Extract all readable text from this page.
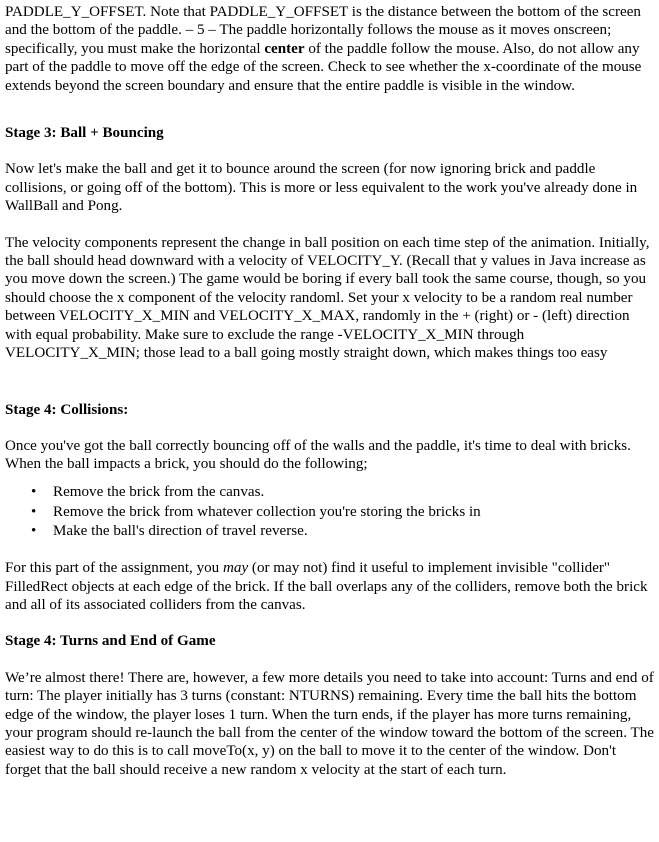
PADDLE_Y_OFFSET. Note that PADDLE_Y_OFFSET is the distance between the bottom of the screen and the bottom of the paddle. – 5 – The paddle horizontally follows the mouse as it moves onscreen; specifically, you must make the horizontal center of the paddle follow the mouse. Also, do not allow any part of the paddle to move off the edge of the screen. Check to see whether the x-coordinate of the mouse extends beyond the screen boundary and ensure that the entire paddle is visible in the window.

Stage 3: Ball + Bouncing

Now let's make the ball and get it to bounce around the screen (for now ignoring brick and paddle collisions, or going off of the bottom). This is more or less equivalent to the work you've already done in WallBall and Pong.

The velocity components represent the change in ball position on each time step of the animation. Initially, the ball should head downward with a velocity of VELOCITY_Y. (Recall that y values in Java increase as you move down the screen.) The game would be boring if every ball took the same course, though, so you should choose the x component of the velocity randoml. Set your x velocity to be a random real number between VELOCITY_X_MIN and VELOCITY_X_MAX, randomly in the + (right) or - (left) direction with equal probability. Make sure to exclude the range -VELOCITY_X_MIN through VELOCITY_X_MIN; those lead to a ball going mostly straight down, which makes things too easy

Stage 4: Collisions:

Once you've got the ball correctly bouncing off of the walls and the paddle, it's time to deal with bricks. When the ball impacts a brick, you should do the following;

• Remove the brick from the canvas.
• Remove the brick from whatever collection you're storing the bricks in
• Make the ball's direction of travel reverse.

For this part of the assignment, you may (or may not) find it useful to implement invisible "collider" FilledRect objects at each edge of the brick. If the ball overlaps any of the colliders, remove both the brick and all of its associated colliders from the canvas.

Stage 4: Turns and End of Game

We’re almost there! There are, however, a few more details you need to take into account: Turns and end of turn: The player initially has 3 turns (constant: NTURNS) remaining. Every time the ball hits the bottom edge of the window, the player loses 1 turn. When the turn ends, if the player has more turns remaining, your program should re-launch the ball from the center of the window toward the bottom of the screen. The easiest way to do this is to call moveTo(x, y) on the ball to move it to the center of the window. Don't forget that the ball should receive a new random x velocity at the start of each turn.
